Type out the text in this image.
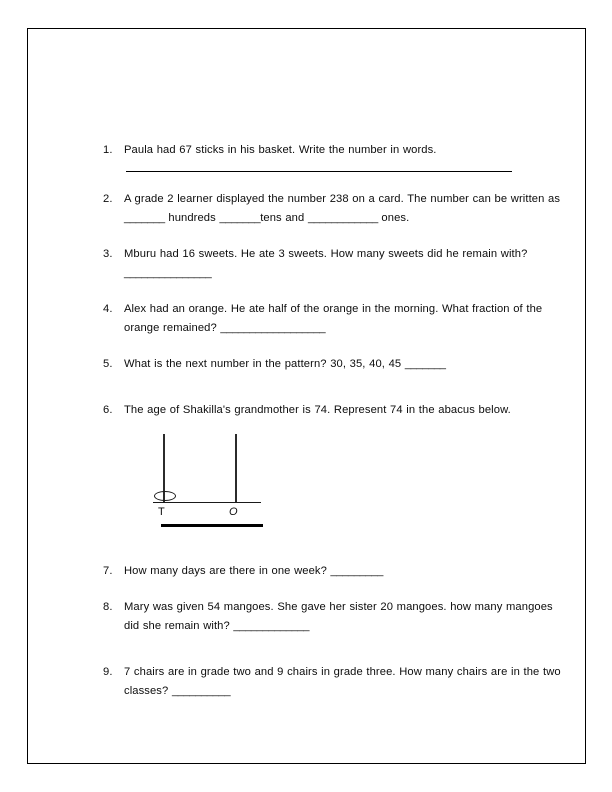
1.	Paula had 67 sticks in his basket. Write the number in words.
2.	A grade 2 learner displayed the number 238 on a card. The number can be written as _______ hundreds _______tens and ____________ ones.
3.	Mburu had 16 sweets. He ate 3 sweets. How many sweets did he remain with? _______________
4.	Alex had an orange. He ate half of the orange in the morning. What fraction of the orange remained? __________________
5.	What is the next number in the pattern? 30, 35, 40, 45 _______
6.	The age of Shakilla's grandmother is 74. Represent 74 in the abacus below.
T	O
7.	How many days are there in one week? _________
8.	Mary was given 54 mangoes. She gave her sister 20 mangoes. how many mangoes did she remain with? _____________
9.	7 chairs are in grade two and 9 chairs in grade three. How many chairs are in the two classes? __________
